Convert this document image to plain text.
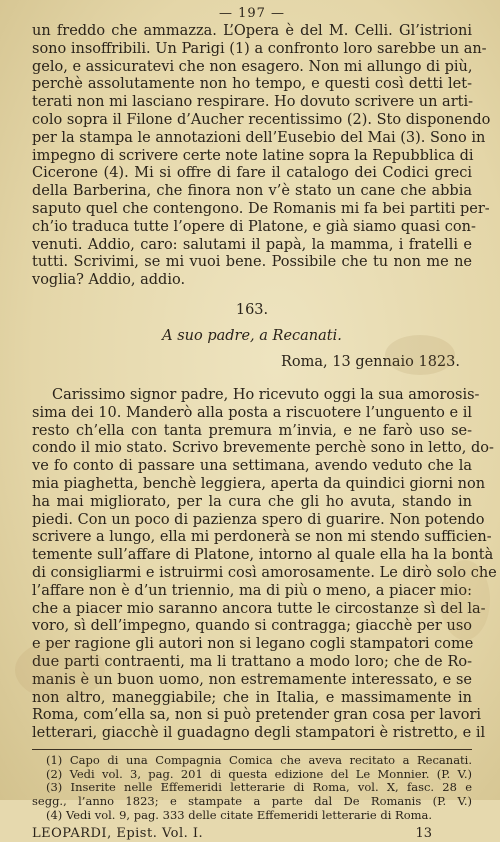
— 197 —
un freddo che ammazza. L’Opera è del M. Celli. Gl’istrioni
sono insoffribili. Un Parigi (1) a confronto loro sarebbe un an-
gelo, e assicuratevi che non esagero. Non mi allungo di più,
perchè assolutamente non ho tempo, e questi così detti let-
terati non mi lasciano respirare. Ho dovuto scrivere un arti-
colo sopra il Filone d’Aucher recentissimo (2). Sto disponendo
per la stampa le annotazioni dell’Eusebio del Mai (3). Sono in
impegno di scrivere certe note latine sopra la Repubblica di
Cicerone (4). Mi si offre di fare il catalogo dei Codici greci
della Barberina, che finora non v’è stato un cane che abbia
saputo quel che contengono. De Romanis mi fa bei partiti per-
ch’io traduca tutte l’opere di Platone, e già siamo quasi con-
venuti. Addio, caro: salutami il papà, la mamma, i fratelli e
tutti. Scrivimi, se mi vuoi bene. Possibile che tu non me ne
voglia? Addio, addio.
163.
A suo padre, a Recanati.
Roma, 13 gennaio 1823.
Carissimo signor padre, Ho ricevuto oggi la sua amorosis-
sima dei 10. Manderò alla posta a riscuotere l’unguento e il
resto ch’ella con tanta premura m’invia, e ne farò uso se-
condo il mio stato. Scrivo brevemente perchè sono in letto, do-
ve fo conto di passare una settimana, avendo veduto che la
mia piaghetta, benchè leggiera, aperta da quindici giorni non
ha mai migliorato, per la cura che gli ho avuta, stando in
piedi. Con un poco di pazienza spero di guarire. Non potendo
scrivere a lungo, ella mi perdonerà se non mi stendo sufficien-
temente sull’affare di Platone, intorno al quale ella ha la bontà
di consigliarmi e istruirmi così amorosamente. Le dirò solo che
l’affare non è d’un triennio, ma di più o meno, a piacer mio:
che a piacer mio saranno ancora tutte le circostanze sì del la-
voro, sì dell’impegno, quando si contragga; giacchè per uso
e per ragione gli autori non si legano cogli stampatori come
due parti contraenti, ma li trattano a modo loro; che de Ro-
manis è un buon uomo, non estremamente interessato, e se
non altro, maneggiabile; che in Italia, e massimamente in
Roma, com’ella sa, non si può pretender gran cosa per lavori
letterari, giacchè il guadagno degli stampatori è ristretto, e il
(1) Capo di una Compagnia Comica che aveva recitato a Recanati.
(2) Vedi vol. 3, pag. 201 di questa edizione del Le Monnier. (P. V.)
(3) Inserite nelle Effemeridi letterarie di Roma, vol. X, fasc. 28 e
segg., l’anno 1823; e stampate a parte dal De Romanis (P. V.)
(4) Vedi vol. 9, pag. 333 delle citate Effemeridi letterarie di Roma.
LEOPARDI, Epist. Vol. I.	13
